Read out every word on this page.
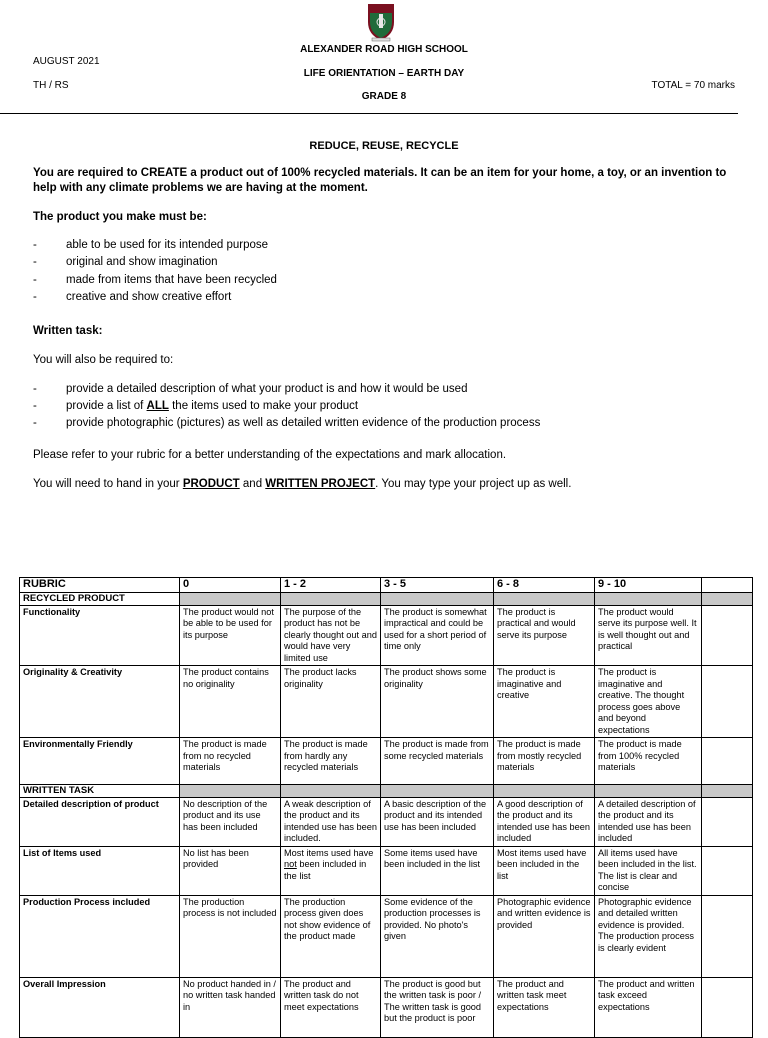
AUGUST 2021
TH / RS
ALEXANDER ROAD HIGH SCHOOL
LIFE ORIENTATION – EARTH DAY
GRADE 8
TOTAL = 70 marks
REDUCE, REUSE, RECYCLE
You are required to CREATE a product out of 100% recycled materials. It can be an item for your home, a toy, or an invention to help with any climate problems we are having at the moment.
The product you make must be:
-	able to be used for its intended purpose
-	original and show imagination
-	made from items that have been recycled
-	creative and show creative effort
Written task:
You will also be required to:
-	provide a detailed description of what your product is and how it would be used
-	provide a list of ALL the items used to make your product
-	provide photographic (pictures) as well as detailed written evidence of the production process
Please refer to your rubric for a better understanding of the expectations and mark allocation.
You will need to hand in your PRODUCT and WRITTEN PROJECT. You may type your project up as well.
RUBRIC	0	1 - 2	3 - 5	6 - 8	9 - 10	
RECYCLED PRODUCT						
Functionality	The product would not be able to be used for its purpose	The purpose of the product has not be clearly thought out and would have very limited use	The product is somewhat impractical and could be used for a short period of time only	The product is practical and would serve its purpose	The product would serve its purpose well. It is well thought out and practical	
Originality & Creativity	The product contains no originality	The product lacks originality	The product shows some originality	The product is imaginative and creative	The product is imaginative and creative. The thought process goes above and beyond expectations	
Environmentally Friendly	The product is made from no recycled materials	The product is made from hardly any recycled materials	The product is made from some recycled materials	The product is made from mostly recycled materials	The product is made from 100% recycled materials	
WRITTEN TASK						
Detailed description of product	No description of the product and its use has been included	A weak description of the product and its intended use has been included.	A basic description of the product and its intended use has been included	A good description of the product and its intended use has been included	A detailed description of the product and its intended use has been included	
List of Items used	No list has been provided	Most items used have not been included in the list	Some items used have been included in the list	Most items used have been included in the list	All items used have been included in the list. The list is clear and concise	
Production Process included	The production process is not included	The production process given does not show evidence of the product made	Some evidence of the production processes is provided. No photo's given	Photographic evidence and written evidence is provided	Photographic evidence and detailed written evidence is provided. The production process is clearly evident	
Overall Impression	No product handed in / no written task handed in	The product and written task do not meet expectations	The product is good but the written task is poor / The written task is good but the product is poor	The product and written task meet expectations	The product and written task exceed expectations	
